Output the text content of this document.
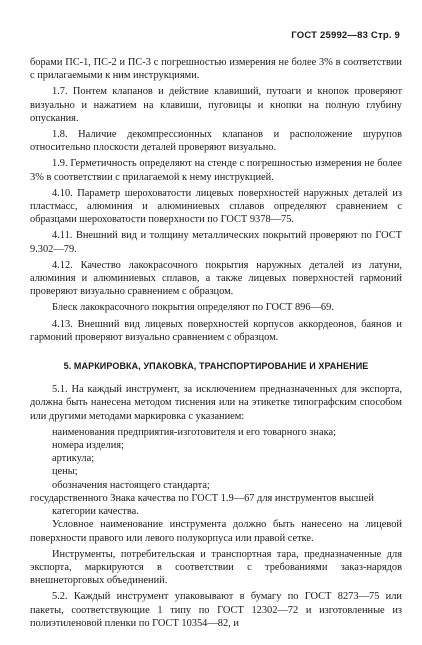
ГОСТ 25992—83 Стр. 9

борами ПС-1, ПС-2 и ПС-3 с погрешностью измерения не более 3% в соответствии с прилагаемыми к ним инструкциями.

1.7. Понтем клапанов и действие клавиший, путоаги и кнопок проверяют визуально и нажатием на клавиши, пуговицы и кнопки на полную глубину опускания.

1.8. Наличие декомпрессионных клапанов и расположение шурупов относительно плоскости деталей проверяют визуально.

1.9. Герметичность определяют на стенде с погрешностью измерения не более 3% в соответствии с прилагаемой к нему инструкцией.

4.10. Параметр шероховатости лицевых поверхностей наружных деталей из пластмасс, алюминия и алюминиевых сплавов определяют сравнением с образцами шероховатости поверхности по ГОСТ 9378—75.

4.11. Внешний вид и толщину металлических покрытий проверяют по ГОСТ 9.302—79.

4.12. Качество лакокрасочного покрытия наружных деталей из латуни, алюминия и алюминиевых сплавов, а также лицевых поверхностей гармоний проверяют визуально сравнением с образцом.

Блеск лакокрасочного покрытия определяют по ГОСТ 896—69.

4.13. Внешний вид лицевых поверхностей корпусов аккордеонов, баянов и гармоний проверяют визуально сравнением с образцом.

5. МАРКИРОВКА, УПАКОВКА, ТРАНСПОРТИРОВАНИЕ И ХРАНЕНИЕ

5.1. На каждый инструмент, за исключением предназначенных для экспорта, должна быть нанесена методом тиснения или на этикетке типографским способом или другими методами маркировка с указанием:

наименования предприятия-изготовителя и его товарного знака;

номера изделия;

артикула;

цены;

обозначения настоящего стандарта;

государственного Знака качества по ГОСТ 1.9—67 для инструментов высшей категории качества.

Условное наименование инструмента должно быть нанесено на лицевой поверхности правого или левого полукорпуса или правой сетке.

Инструменты, потребительская и транспортная тара, предназначенные для экспорта, маркируются в соответствии с требованиями заказ-нарядов внешнеторговых объединений.

5.2. Каждый инструмент упаковывают в бумагу по ГОСТ 8273—75 или пакеты, соответствующие 1 типу по ГОСТ 12302—72 и изготовленные из полиэтиленовой пленки по ГОСТ 10354—82, и
